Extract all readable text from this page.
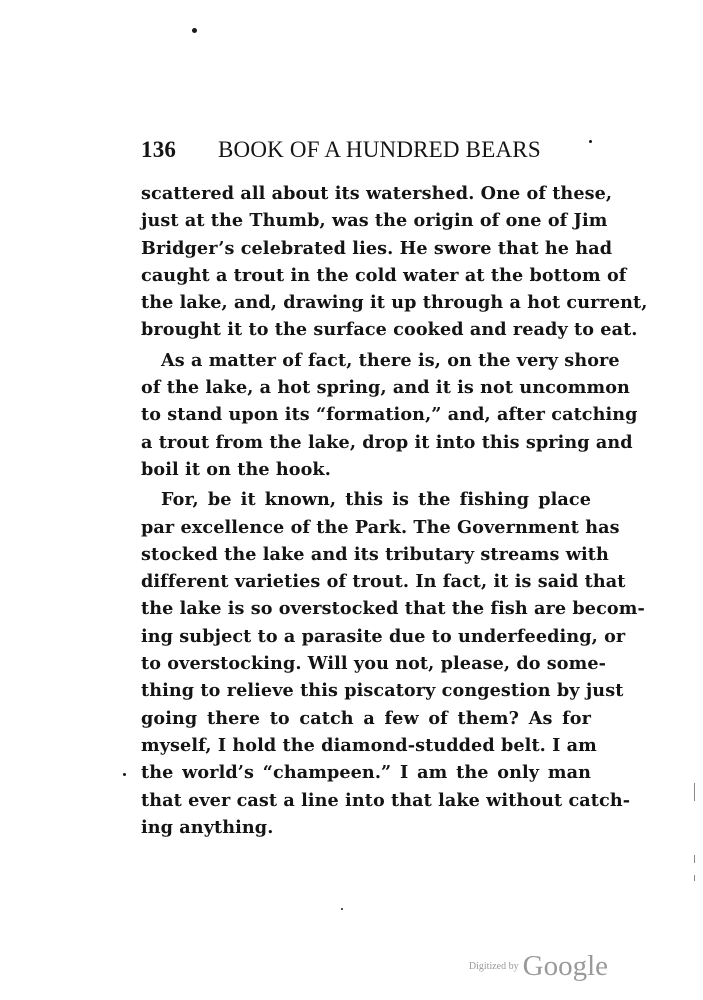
136 BOOK OF A HUNDRED BEARS
scattered all about its watershed. One of these,
just at the Thumb, was the origin of one of Jim
Bridger’s celebrated lies. He swore that he had
caught a trout in the cold water at the bottom of
the lake, and, drawing it up through a hot current,
brought it to the surface cooked and ready to eat.
As a matter of fact, there is, on the very shore
of the lake, a hot spring, and it is not uncommon
to stand upon its “formation,” and, after catching
a trout from the lake, drop it into this spring and
boil it on the hook.
For, be it known, this is the fishing place
par excellence of the Park. The Government has
stocked the lake and its tributary streams with
different varieties of trout. In fact, it is said that
the lake is so overstocked that the fish are becom-
ing subject to a parasite due to underfeeding, or
to overstocking. Will you not, please, do some-
thing to relieve this piscatory congestion by just
going there to catch a few of them? As for
myself, I hold the diamond-studded belt. I am
the world’s “champeen.” I am the only man
that ever cast a line into that lake without catch-
ing anything.
Digitized by Google
